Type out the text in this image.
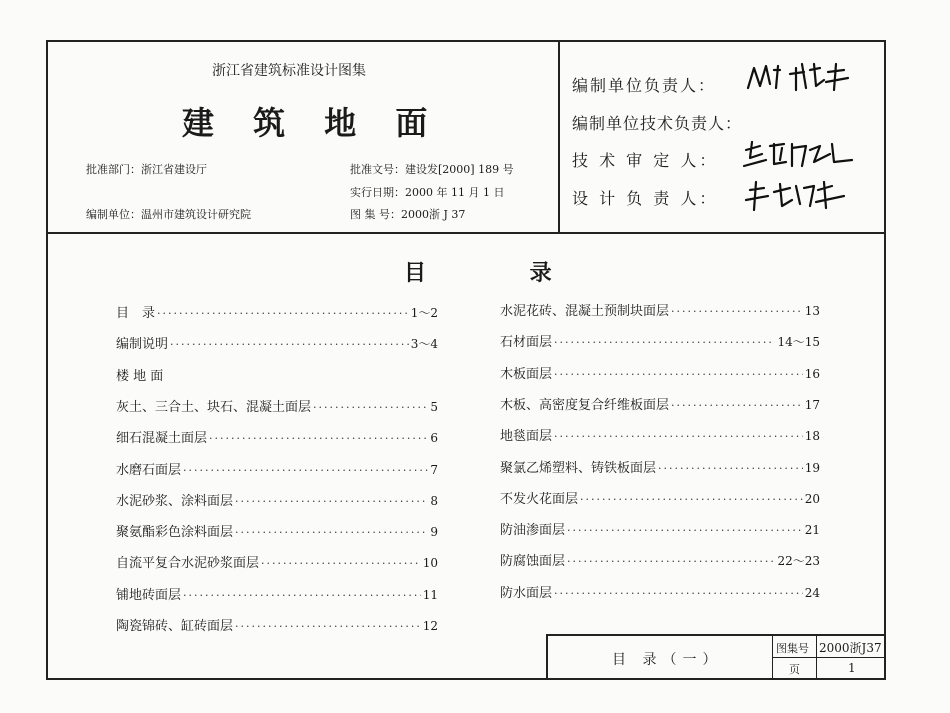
浙江省建筑标准设计图集
建 筑 地 面
批准部门：浙江省建设厅
编制单位：温州市建筑设计研究院
批准文号：建设发[2000] 189 号
实行日期：2000 年 11 月 1 日
图 集 号：2000浙 J 37
编制单位负责人：
编制单位技术负责人：
技 术 审 定 人：
设 计 负 责 人：
目 录
目　录 ·····	1～2
编制说明 ·····	3～4
楼 地 面
灰土、三合土、块石、混凝土面层 ·····	5
细石混凝土面层 ·····	6
水磨石面层 ·····	7
水泥砂浆、涂料面层 ·····	8
聚氨酯彩色涂料面层 ·····	9
自流平复合水泥砂浆面层 ·····	10
铺地砖面层 ·····	11
陶瓷锦砖、缸砖面层 ·····	12
水泥花砖、混凝土预制块面层 ·····	13
石材面层 ·····	14～15
木板面层 ·····	16
木板、高密度复合纤维板面层 ·····	17
地毯面层 ·····	18
聚氯乙烯塑料、铸铁板面层 ·····	19
不发火花面层 ·····	20
防油渗面层 ·····	21
防腐蚀面层 ·····	22～23
防水面层 ·····	24
目 录（一）
图集号 2000浙J37
页	1
